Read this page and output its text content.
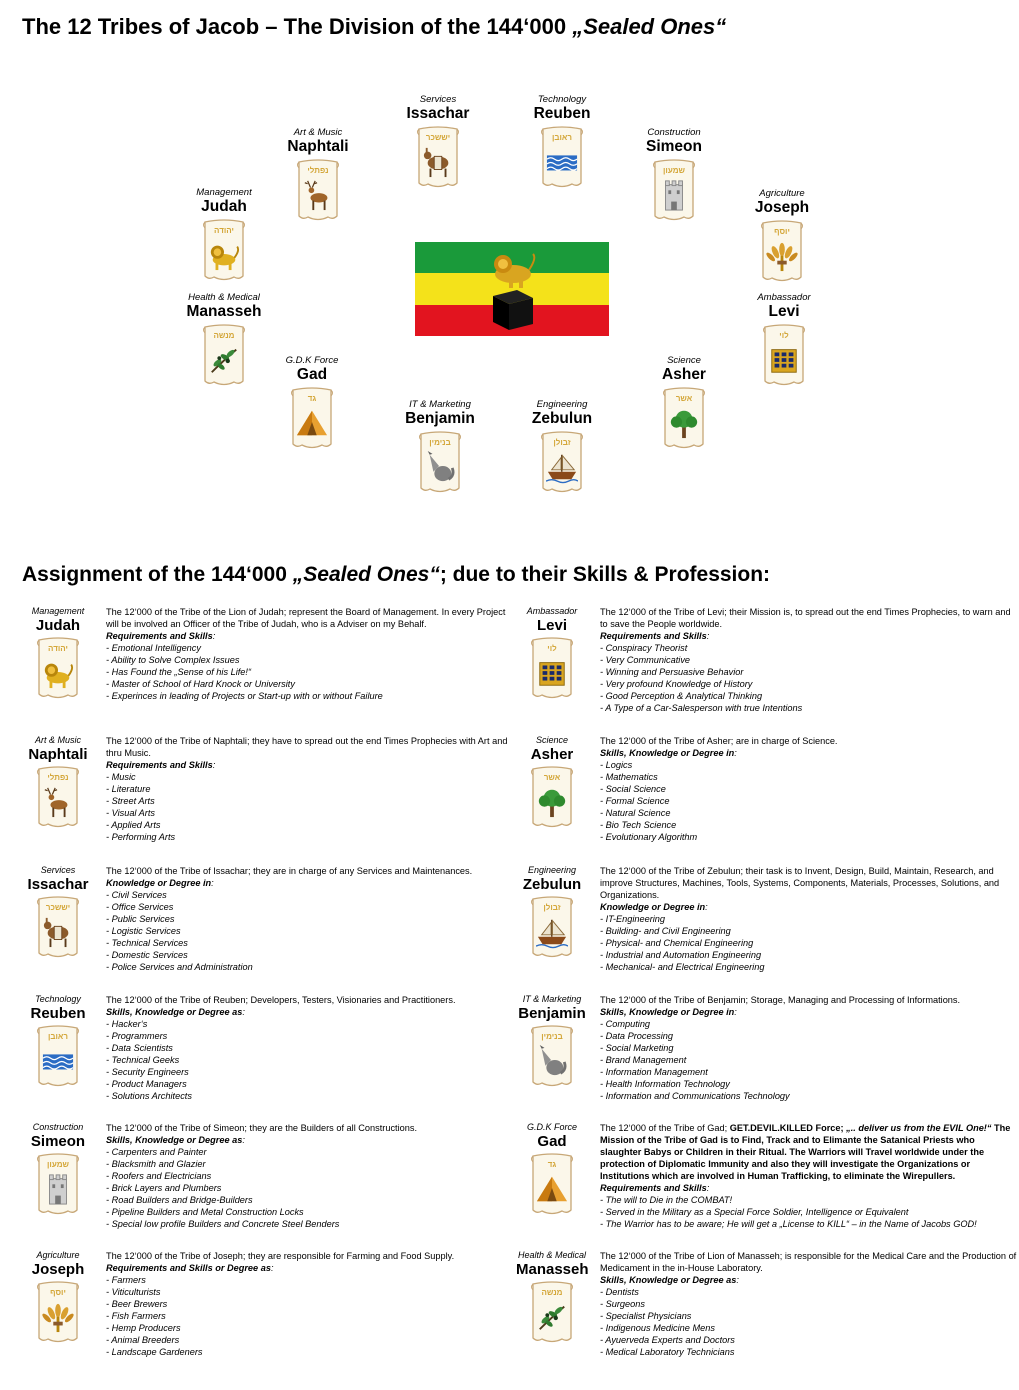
The 12 Tribes of Jacob – The Division of the 144‘000 „Sealed Ones“
Services
Issachar
יששכר
Technology
Reuben
ראובן
Art & Music
Naphtali
נפתלי
Construction
Simeon
שמעון
Management
Judah
יהודה
Agriculture
Joseph
יוסף
Health & Medical
Manasseh
מנשה
Ambassador
Levi
לוי
G.D.K Force
Gad
גד
Science
Asher
אשר
IT & Marketing
Benjamin
בנימין
Engineering
Zebulun
זבולן
Assignment of the 144‘000 „Sealed Ones“; due to their Skills & Profession:
Management
Judah
יהודה
The 12‘000 of the Tribe of the Lion of Judah; represent the Board of Management. In every Project will be involved an Officer of the Tribe of Judah, who is a Adviser on my Behalf.
Requirements and Skills:
- Emotional Intelligency
- Ability to Solve Complex Issues
- Has Found the „Sense of his Life!“
- Master of School of Hard Knock or University
- Experinces in leading of Projects or Start-up with or without Failure
Ambassador
Levi
לוי
The 12‘000 of the Tribe of Levi; their Mission is, to spread out the end Times Prophecies, to warn and to save the People worldwide.
Requirements and Skills:
- Conspiracy Theorist
- Very Communicative
- Winning and Persuasive Behavior
- Very profound Knowledge of History
- Good Perception & Analytical Thinking
- A Type of a Car-Salesperson with true Intentions
Art & Music
Naphtali
נפתלי
The 12‘000 of the Tribe of Naphtali; they have to spread out the end Times Prophecies with Art and thru Music.
Requirements and Skills:
- Music
- Literature
- Street Arts
- Visual Arts
- Applied Arts
- Performing Arts
Science
Asher
אשר
The 12‘000 of the Tribe of Asher; are in charge of Science.
Skills, Knowledge or Degree in:
- Logics
- Mathematics
- Social Science
- Formal Science
- Natural Science
- Bio Tech Science
- Evolutionary Algorithm
Services
Issachar
יששכר
The 12‘000 of the Tribe of Issachar; they are in charge of any Services and Maintenances.
Knowledge or Degree in:
- Civil Services
- Office Services
- Public Services
- Logistic Services
- Technical Services
- Domestic Services
- Police Services and Administration
Engineering
Zebulun
זבולן
The 12‘000 of the Tribe of Zebulun; their task is to Invent, Design, Build, Maintain, Research, and improve Structures, Machines, Tools, Systems, Components, Materials, Processes, Solutions, and Organizations.
Knowledge or Degree in:
- IT-Engineering
- Building- and Civil Engineering
- Physical- and Chemical Engineering
- Industrial and Automation Engineering
- Mechanical- and Electrical Engineering
Technology
Reuben
ראובן
The 12‘000 of the Tribe of Reuben; Developers, Testers, Visionaries and Practitioners.
Skills, Knowledge or Degree as:
- Hacker‘s
- Programmers
- Data Scientists
- Technical Geeks
- Security Engineers
- Product Managers
- Solutions Architects
IT & Marketing
Benjamin
בנימין
The 12‘000 of the Tribe of Benjamin; Storage, Managing and Processing of Informations.
Skills, Knowledge or Degree in:
- Computing
- Data Processing
- Social Marketing
- Brand Management
- Information Management
- Health Information Technology
- Information and Communications Technology
Construction
Simeon
שמעון
The 12‘000 of the Tribe of Simeon; they are the Builders of all Constructions.
Skills, Knowledge or Degree as:
- Carpenters and Painter
- Blacksmith and Glazier
- Roofers and Electricians
- Brick Layers and Plumbers
- Road Builders and Bridge-Builders
- Pipeline Builders and Metal Construction Locks
- Special low profile Builders and Concrete Steel Benders
G.D.K Force
Gad
גד
The 12‘000 of the Tribe of Gad; GET.DEVIL.KILLED Force; „.. deliver us from the EVIL One!“ The Mission of the Tribe of Gad is to Find, Track and to Elimante the Satanical Priests who slaughter Babys or Children in their Ritual. The Warriors will Travel worldwide under the protection of Diplomatic Immunity and also they will investigate the Organizations or Institutions which are involved in Human Trafficking, to eliminate the Wirepullers.
Requirements and Skills:
- The will to Die in the COMBAT!
- Served in the Military as a Special Force Soldier, Intelligence or Equivalent
- The Warrior has to be aware; He will get a „License to KILL“ – in the Name of Jacobs GOD!
Agriculture
Joseph
יוסף
The 12‘000 of the Tribe of Joseph; they are responsible for Farming and Food Supply.
Requirements and Skills or Degree as:
- Farmers
- Viticulturists
- Beer Brewers
- Fish Farmers
- Hemp Producers
- Animal Breeders
- Landscape Gardeners
Health & Medical
Manasseh
מנשה
The 12‘000 of the Tribe of Lion of Manasseh; is responsible for the Medical Care and the Production of Medicament in the in-House Laboratory.
Skills, Knowledge or Degree as:
- Dentists
- Surgeons
- Specialist Physicians
- Indigenous Medicine Mens
- Ayuerveda Experts and Doctors
- Medical Laboratory Technicians
